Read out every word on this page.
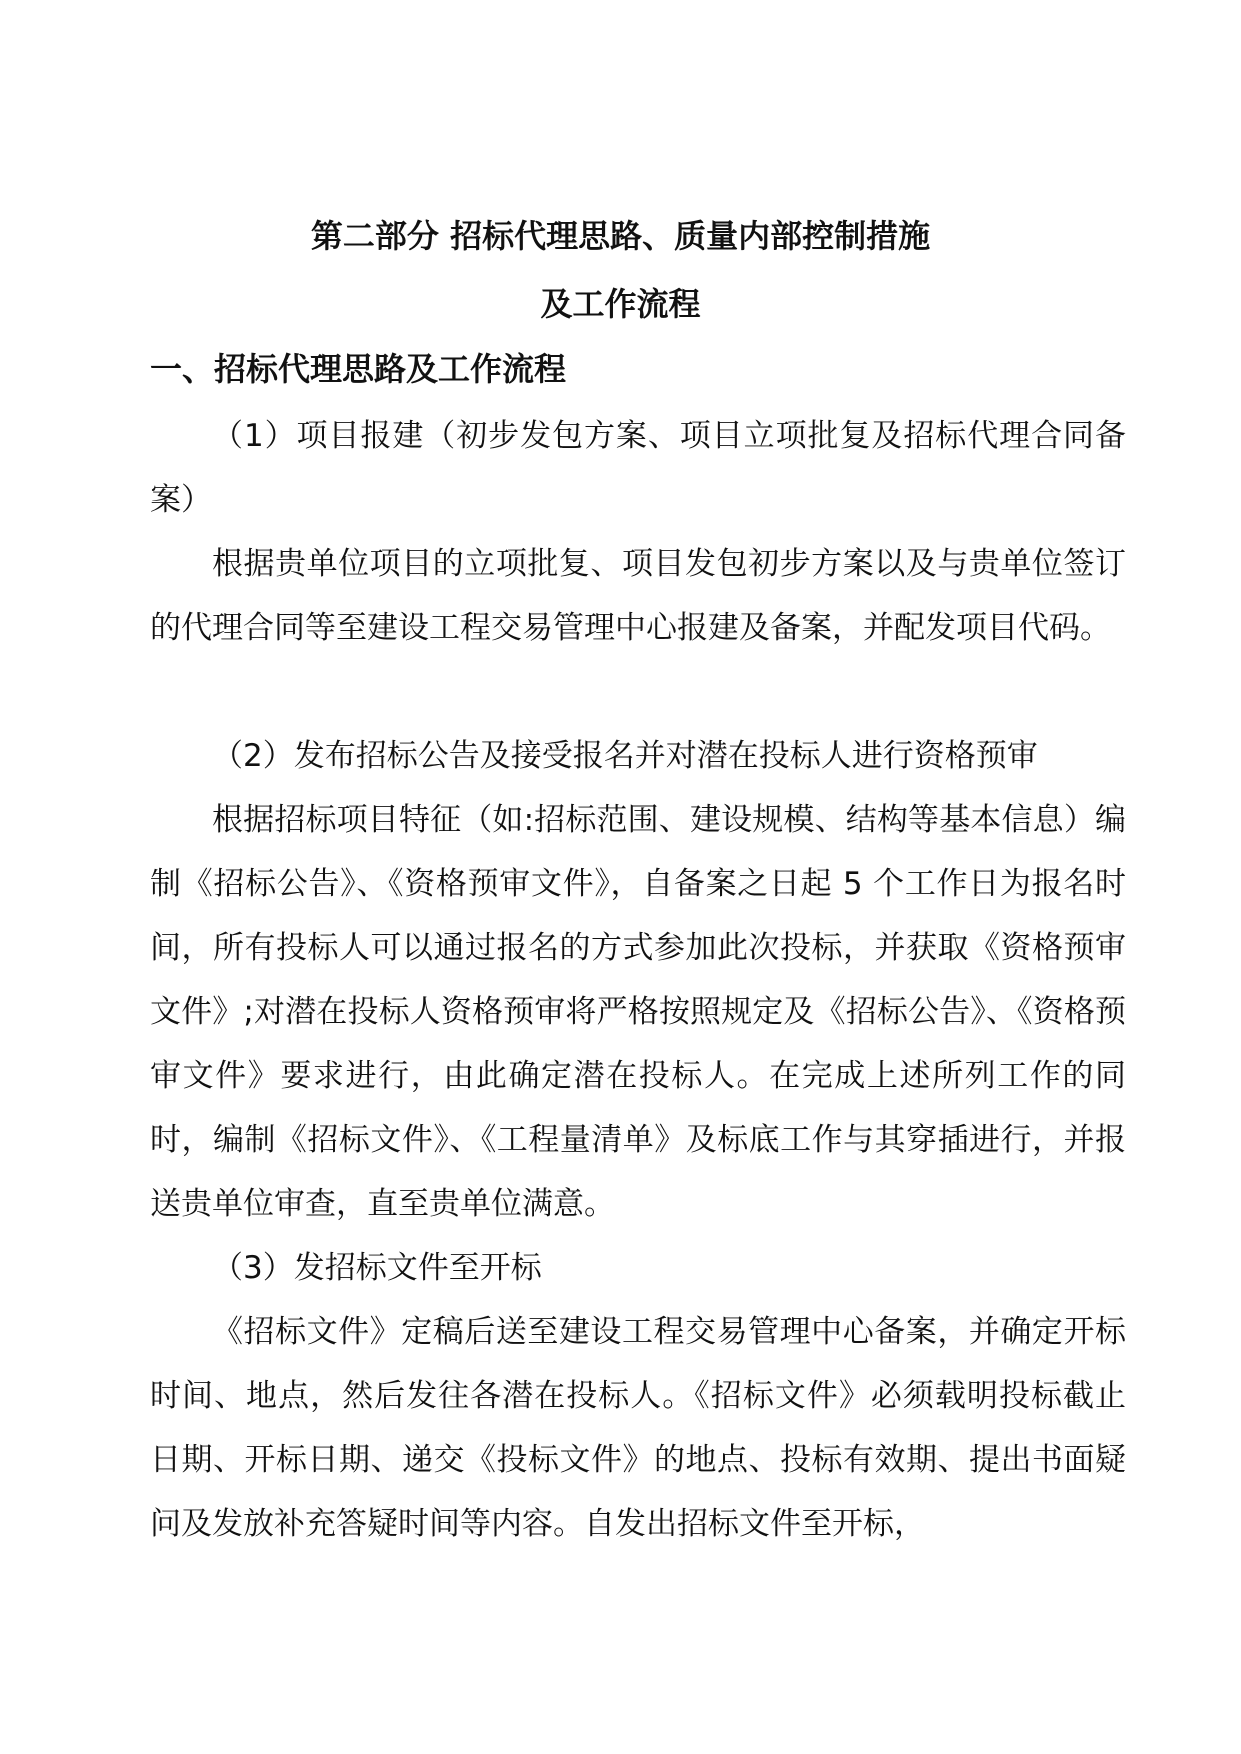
第二部分 招标代理思路、质量内部控制措施
及工作流程
一、招标代理思路及工作流程

（1）项目报建（初步发包方案、项目立项批复及招标代理合同备案）

根据贵单位项目的立项批复、项目发包初步方案以及与贵单位签订的代理合同等至建设工程交易管理中心报建及备案，并配发项目代码。

（2）发布招标公告及接受报名并对潜在投标人进行资格预审

根据招标项目特征（如:招标范围、建设规模、结构等基本信息）编制《招标公告》、《资格预审文件》，自备案之日起 5 个工作日为报名时间，所有投标人可以通过报名的方式参加此次投标，并获取《资格预审文件》;对潜在投标人资格预审将严格按照规定及《招标公告》、《资格预审文件》要求进行，由此确定潜在投标人。在完成上述所列工作的同时，编制《招标文件》、《工程量清单》及标底工作与其穿插进行，并报送贵单位审查，直至贵单位满意。

（3）发招标文件至开标

《招标文件》定稿后送至建设工程交易管理中心备案，并确定开标时间、地点，然后发往各潜在投标人。《招标文件》必须载明投标截止日期、开标日期、递交《投标文件》的地点、投标有效期、提出书面疑问及发放补充答疑时间等内容。自发出招标文件至开标，
